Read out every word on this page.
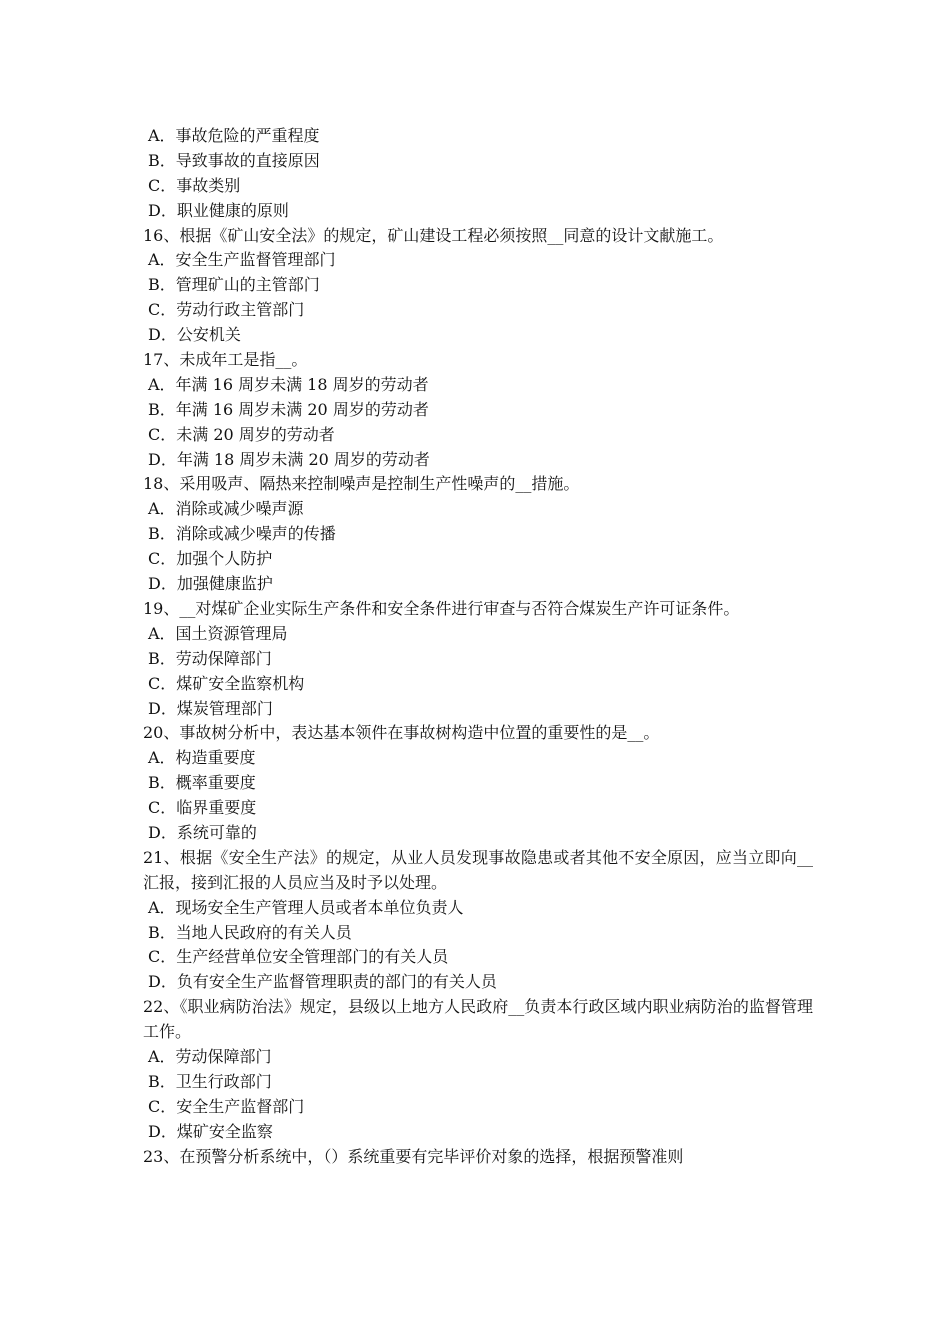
A．事故危险的严重程度
B．导致事故的直接原因
C．事故类别
D．职业健康的原则
16、根据《矿山安全法》的规定，矿山建设工程必须按照__同意的设计文献施工。
A．安全生产监督管理部门
B．管理矿山的主管部门
C．劳动行政主管部门
D．公安机关
17、未成年工是指__。
A．年满 16 周岁未满 18 周岁的劳动者
B．年满 16 周岁未满 20 周岁的劳动者
C．未满 20 周岁的劳动者
D．年满 18 周岁未满 20 周岁的劳动者
18、采用吸声、隔热来控制噪声是控制生产性噪声的__措施。
A．消除或减少噪声源
B．消除或减少噪声的传播
C．加强个人防护
D．加强健康监护
19、__对煤矿企业实际生产条件和安全条件进行审查与否符合煤炭生产许可证条件。
A．国土资源管理局
B．劳动保障部门
C．煤矿安全监察机构
D．煤炭管理部门
20、事故树分析中，表达基本领件在事故树构造中位置的重要性的是__。
A．构造重要度
B．概率重要度
C．临界重要度
D．系统可靠的
21、根据《安全生产法》的规定，从业人员发现事故隐患或者其他不安全原因，应当立即向__汇报，接到汇报的人员应当及时予以处理。
A．现场安全生产管理人员或者本单位负责人
B．当地人民政府的有关人员
C．生产经营单位安全管理部门的有关人员
D．负有安全生产监督管理职责的部门的有关人员
22、《职业病防治法》规定，县级以上地方人民政府__负责本行政区域内职业病防治的监督管理工作。
A．劳动保障部门
B．卫生行政部门
C．安全生产监督部门
D．煤矿安全监察
23、在预警分析系统中，（）系统重要有完毕评价对象的选择，根据预警准则
